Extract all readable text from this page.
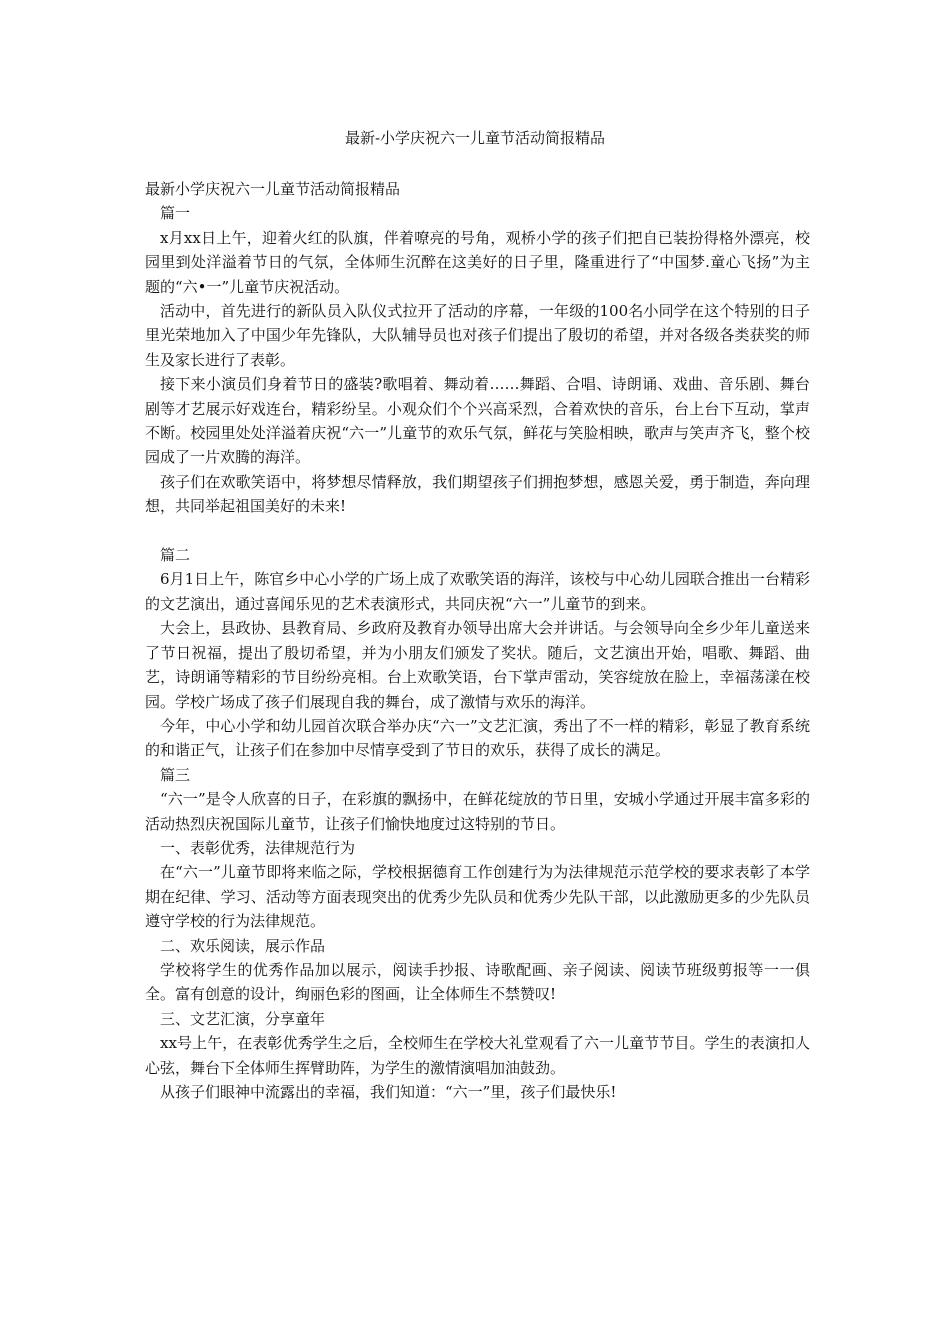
最新-小学庆祝六一儿童节活动简报精品

最新小学庆祝六一儿童节活动简报精品

篇一

x月xx日上午，迎着火红的队旗，伴着嘹亮的号角，观桥小学的孩子们把自已装扮得格外漂亮，校园里到处洋溢着节日的气氛，全体师生沉醉在这美好的日子里，隆重进行了“中国梦.童心飞扬”为主题的“六•一”儿童节庆祝活动。

活动中，首先进行的新队员入队仪式拉开了活动的序幕，一年级的100名小同学在这个特别的日子里光荣地加入了中国少年先锋队，大队辅导员也对孩子们提出了殷切的希望，并对各级各类获奖的师生及家长进行了表彰。

接下来小演员们身着节日的盛装?歌唱着、舞动着……舞蹈、合唱、诗朗诵、戏曲、音乐剧、舞台剧等才艺展示好戏连台，精彩纷呈。小观众们个个兴高采烈，合着欢快的音乐，台上台下互动，掌声不断。校园里处处洋溢着庆祝“六一”儿童节的欢乐气氛，鲜花与笑脸相映，歌声与笑声齐飞，整个校园成了一片欢腾的海洋。

孩子们在欢歌笑语中，将梦想尽情释放，我们期望孩子们拥抱梦想，感恩关爱，勇于制造，奔向理想，共同举起祖国美好的未来!

篇二

6月1日上午，陈官乡中心小学的广场上成了欢歌笑语的海洋，该校与中心幼儿园联合推出一台精彩的文艺演出，通过喜闻乐见的艺术表演形式，共同庆祝“六一”儿童节的到来。

大会上，县政协、县教育局、乡政府及教育办领导出席大会并讲话。与会领导向全乡少年儿童送来了节日祝福，提出了殷切希望，并为小朋友们颁发了奖状。随后，文艺演出开始，唱歌、舞蹈、曲艺，诗朗诵等精彩的节目纷纷亮相。台上欢歌笑语，台下掌声雷动，笑容绽放在脸上，幸福荡漾在校园。学校广场成了孩子们展现自我的舞台，成了激情与欢乐的海洋。

今年，中心小学和幼儿园首次联合举办庆“六一”文艺汇演，秀出了不一样的精彩，彰显了教育系统的和谐正气，让孩子们在参加中尽情享受到了节日的欢乐，获得了成长的满足。

篇三

“六一”是令人欣喜的日子，在彩旗的飘扬中，在鲜花绽放的节日里，安城小学通过开展丰富多彩的活动热烈庆祝国际儿童节，让孩子们愉快地度过这特别的节日。

一、表彰优秀，法律规范行为

在“六一”儿童节即将来临之际，学校根据德育工作创建行为为法律规范示范学校的要求表彰了本学期在纪律、学习、活动等方面表现突出的优秀少先队员和优秀少先队干部，以此激励更多的少先队员遵守学校的行为法律规范。

二、欢乐阅读，展示作品

学校将学生的优秀作品加以展示，阅读手抄报、诗歌配画、亲子阅读、阅读节班级剪报等一一俱全。富有创意的设计，绚丽色彩的图画，让全体师生不禁赞叹!

三、文艺汇演，分享童年

xx号上午，在表彰优秀学生之后，全校师生在学校大礼堂观看了六一儿童节节目。学生的表演扣人心弦，舞台下全体师生挥臂助阵，为学生的激情演唱加油鼓劲。

从孩子们眼神中流露出的幸福，我们知道：“六一”里，孩子们最快乐!
